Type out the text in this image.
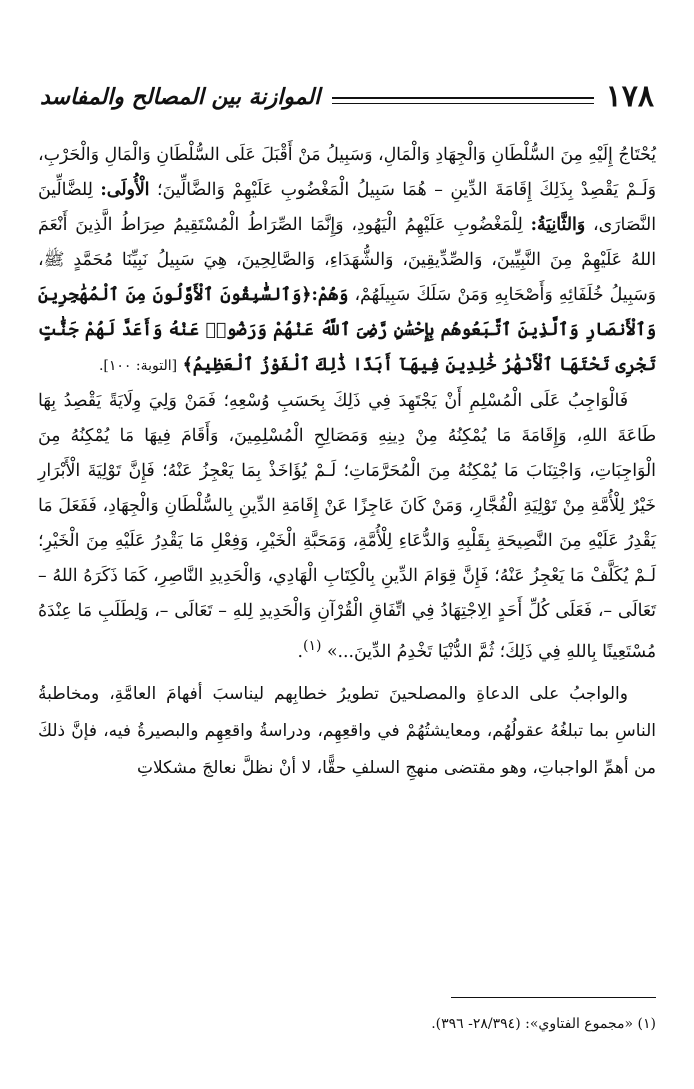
١٧٨
الموازنة بين المصالح والمفاسد

يُحْتَاجُ إِلَيْهِ مِنَ السُّلْطَانِ وَالْجِهَادِ وَالْمَالِ، وَسَبِيلُ مَنْ أَقْبَلَ عَلَى السُّلْطَانِ وَالْمَالِ وَالْحَرْبِ، وَلَـمْ يَقْصِدْ بِذَلِكَ إِقَامَةَ الدِّينِ – هُمَا سَبِيلُ الْمَغْضُوبِ عَلَيْهِمْ وَالضَّالِّينَ؛ الْأُولَى: لِلضَّالِّينَ النَّصَارَى، وَالثَّانِيَةُ: لِلْمَغْضُوبِ عَلَيْهِمُ الْيَهُودِ، وَإِنَّمَا الصِّرَاطُ الْمُسْتَقِيمُ صِرَاطُ الَّذِينَ أَنْعَمَ اللهُ عَلَيْهِمْ مِنَ النَّبِيِّينَ، وَالصِّدِّيقِينَ، وَالشُّهَدَاءِ، وَالصَّالِحِينَ، هِيَ سَبِيلُ نَبِيِّنَا مُحَمَّدٍ ﷺ، وَسَبِيلُ خُلَفَائِهِ وَأَصْحَابِهِ وَمَنْ سَلَكَ سَبِيلَهُمْ، وَهُمْ:﴿وَٱلسَّٰبِقُونَ ٱلْأَوَّلُونَ مِنَ ٱلْمُهَٰجِرِينَ وَٱلْأَنصَارِ وَٱلَّذِينَ ٱتَّبَعُوهُم بِإِحْسَٰنٍ رَّضِىَ ٱللَّهُ عَنْهُمْ وَرَضُوا۟ عَنْهُ وَأَعَدَّ لَهُمْ جَنَّٰتٍ تَجْرِى تَحْتَهَا ٱلْأَنْهَٰرُ خَٰلِدِينَ فِيهَآ أَبَدًا ذَٰلِكَ ٱلْفَوْزُ ٱلْعَظِيمُ﴾ [التوبة: ١٠٠].

فَالْوَاجِبُ عَلَى الْمُسْلِمِ أَنْ يَجْتَهِدَ فِي ذَلِكَ بِحَسَبِ وُسْعِهِ؛ فَمَنْ وَلِيَ وِلَايَةً يَقْصِدُ بِهَا طَاعَةَ اللهِ، وَإِقَامَةَ مَا يُمْكِنُهُ مِنْ دِينِهِ وَمَصَالِحِ الْمُسْلِمِينَ، وَأَقَامَ فِيهَا مَا يُمْكِنُهُ مِنَ الْوَاجِبَاتِ، وَاجْتِنَابَ مَا يُمْكِنُهُ مِنَ الْمُحَرَّمَاتِ؛ لَـمْ يُؤَاخَذْ بِمَا يَعْجِزُ عَنْهُ؛ فَإِنَّ تَوْلِيَةَ الْأَبْرَارِ خَيْرٌ لِلْأُمَّةِ مِنْ تَوْلِيَةِ الْفُجَّارِ، وَمَنْ كَانَ عَاجِزًا عَنْ إِقَامَةِ الدِّينِ بِالسُّلْطَانِ وَالْجِهَادِ، فَفَعَلَ مَا يَقْدِرُ عَلَيْهِ مِنَ النَّصِيحَةِ بِقَلْبِهِ وَالدُّعَاءِ لِلْأُمَّةِ، وَمَحَبَّةِ الْخَيْرِ، وَفِعْلِ مَا يَقْدِرُ عَلَيْهِ مِنَ الْخَيْرِ؛ لَـمْ يُكَلَّفْ مَا يَعْجِزُ عَنْهُ؛ فَإِنَّ قِوَامَ الدِّينِ بِالْكِتَابِ الْهَادِي، وَالْحَدِيدِ النَّاصِرِ، كَمَا ذَكَرَهُ اللهُ – تَعَالَى –، فَعَلَى كُلِّ أَحَدٍ الِاجْتِهَادُ فِي اتِّفَاقِ الْقُرْآنِ وَالْحَدِيدِ لِلهِ – تَعَالَى –، وَلِطَلَبِ مَا عِنْدَهُ مُسْتَعِينًا بِاللهِ فِي ذَلِكَ؛ ثُمَّ الدُّنْيَا تَخْدِمُ الدِّينَ...» $^{(١)}$.

والواجبُ على الدعاةِ والمصلحينَ تطويرُ خطابِهم ليناسبَ أفهامَ العامَّةِ، ومخاطبةُ الناسِ بما تبلغُهُ عقولُهُم، ومعايشتُهُمْ في واقعِهِم، ودراسةُ واقعِهِم والبصيرةُ فيه، فإنَّ ذلكَ من أهمِّ الواجباتِ، وهو مقتضى منهجِ السلفِ حقًّا، لا أنْ نظلَّ نعالجَ مشكلاتِ

(١) «مجموع الفتاوي»: (٢٨/٣٩٤- ٣٩٦).
